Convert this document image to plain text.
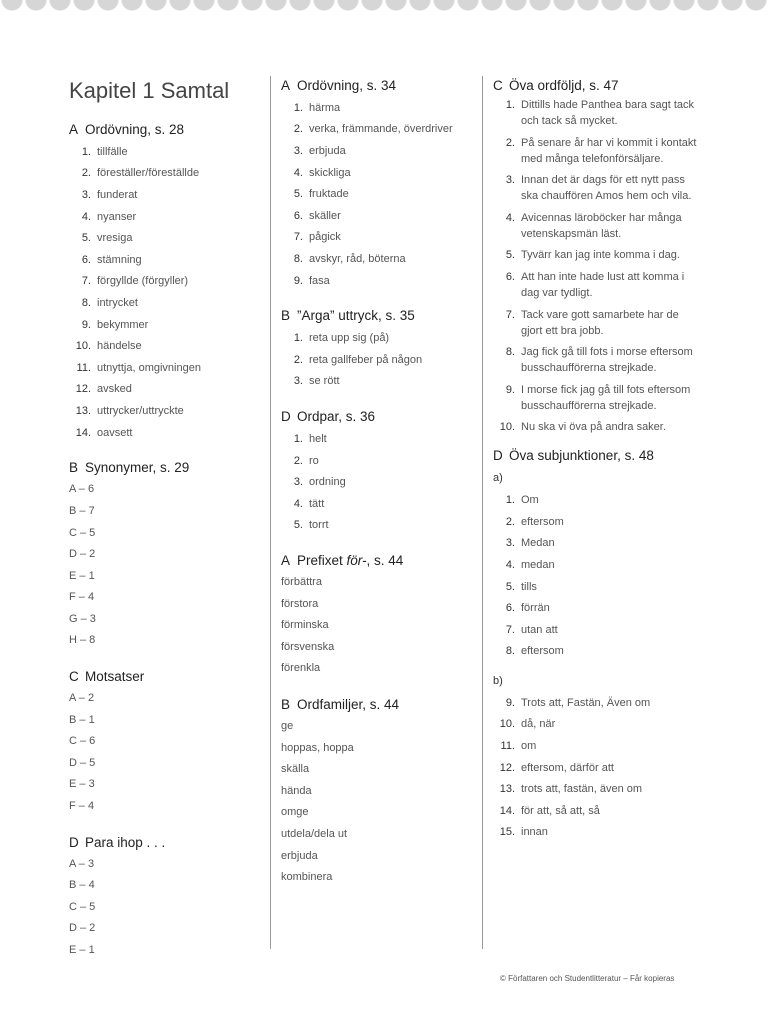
Kapitel 1 Samtal
A Ordövning, s. 28
1. tillfälle
2. föreställer/föreställde
3. funderat
4. nyanser
5. vresiga
6. stämning
7. förgyllde (förgyller)
8. intrycket
9. bekymmer
10. händelse
11. utnyttja, omgivningen
12. avsked
13. uttrycker/uttryckte
14. oavsett
B Synonymer, s. 29
A – 6
B – 7
C – 5
D – 2
E – 1
F – 4
G – 3
H – 8
C Motsatser
A – 2
B – 1
C – 6
D – 5
E – 3
F – 4
D Para ihop . . .
A – 3
B – 4
C – 5
D – 2
E – 1
A Ordövning, s. 34
1. härma
2. verka, främmande, överdriver
3. erbjuda
4. skickliga
5. fruktade
6. skäller
7. pågick
8. avskyr, råd, böterna
9. fasa
B ”Arga” uttryck, s. 35
1. reta upp sig (på)
2. reta gallfeber på någon
3. se rött
D Ordpar, s. 36
1. helt
2. ro
3. ordning
4. tätt
5. torrt
A Prefixet för-, s. 44
förbättra
förstora
förminska
försvenska
förenkla
B Ordfamiljer, s. 44
ge
hoppas, hoppa
skälla
hända
omge
utdela/dela ut
erbjuda
kombinera
C Öva ordföljd, s. 47
1. Dittills hade Panthea bara sagt tack och tack så mycket.
2. På senare år har vi kommit i kontakt med många telefonförsäljare.
3. Innan det är dags för ett nytt pass ska chauffören Amos hem och vila.
4. Avicennas läroböcker har många vetenskapsmän läst.
5. Tyvärr kan jag inte komma i dag.
6. Att han inte hade lust att komma i dag var tydligt.
7. Tack vare gott samarbete har de gjort ett bra jobb.
8. Jag fick gå till fots i morse eftersom busschaufförerna strejkade.
9. I morse fick jag gå till fots eftersom busschaufförerna strejkade.
10. Nu ska vi öva på andra saker.
D Öva subjunktioner, s. 48
a)
1. Om
2. eftersom
3. Medan
4. medan
5. tills
6. förrän
7. utan att
8. eftersom
b)
9. Trots att, Fastän, Även om
10. då, när
11. om
12. eftersom, därför att
13. trots att, fastän, även om
14. för att, så att, så
15. innan
© Författaren och Studentlitteratur – Får kopieras
